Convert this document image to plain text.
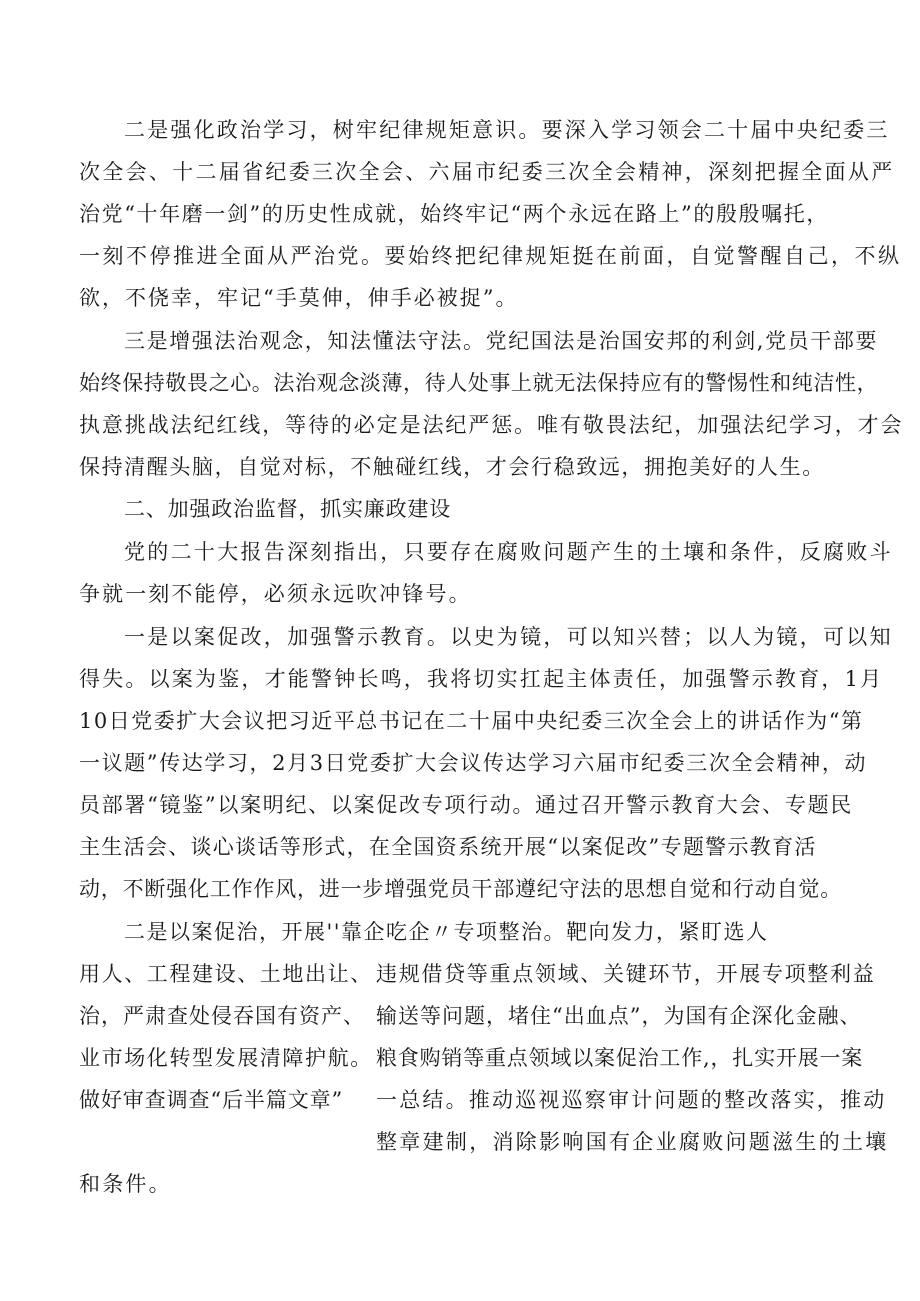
二是强化政治学习，树牢纪律规矩意识。要深入学习领会二十届中央纪委三
次全会、十二届省纪委三次全会、六届市纪委三次全会精神，深刻把握全面从严
治党“十年磨一剑”的历史性成就，始终牢记“两个永远在路上”的殷殷嘱托，
一刻不停推进全面从严治党。要始终把纪律规矩挺在前面，自觉警醒自己，不纵
欲，不侥幸，牢记“手莫伸，伸手必被捉”。
三是增强法治观念，知法懂法守法。党纪国法是治国安邦的利剑,党员干部要
始终保持敬畏之心。法治观念淡薄，待人处事上就无法保持应有的警惕性和纯洁性，
执意挑战法纪红线，等待的必定是法纪严惩。唯有敬畏法纪，加强法纪学习，才会
保持清醒头脑，自觉对标，不触碰红线，才会行稳致远，拥抱美好的人生。
二、加强政治监督，抓实廉政建设
党的二十大报告深刻指出，只要存在腐败问题产生的土壤和条件，反腐败斗
争就一刻不能停，必须永远吹冲锋号。
一是以案促改，加强警示教育。以史为镜，可以知兴替；以人为镜，可以知
得失。以案为鉴，才能警钟长鸣，我将切实扛起主体责任，加强警示教育，1月
10日党委扩大会议把习近平总书记在二十届中央纪委三次全会上的讲话作为“第
一议题”传达学习，2月3日党委扩大会议传达学习六届市纪委三次全会精神，动
员部署“镜鉴”以案明纪、以案促改专项行动。通过召开警示教育大会、专题民
主生活会、谈心谈话等形式，在全国资系统开展“以案促改”专题警示教育活
动，不断强化工作作风，进一步增强党员干部遵纪守法的思想自觉和行动自觉。
二是以案促治，开展''靠企吃企〃专项整治。靶向发力，紧盯选人
用人、工程建设、土地出让、 违规借贷等重点领域、关键环节，开展专项整利益
治，严肃查处侵吞国有资产、 输送等问题，堵住“出血点”，为国有企深化金融、
业市场化转型发展清障护航。 粮食购销等重点领域以案促治工作,，扎实开展一案
做好审查调查“后半篇文章” 一总结。推动巡视巡察审计问题的整改落实，推动
整章建制，消除影响国有企业腐败问题滋生的土壤
和条件。
